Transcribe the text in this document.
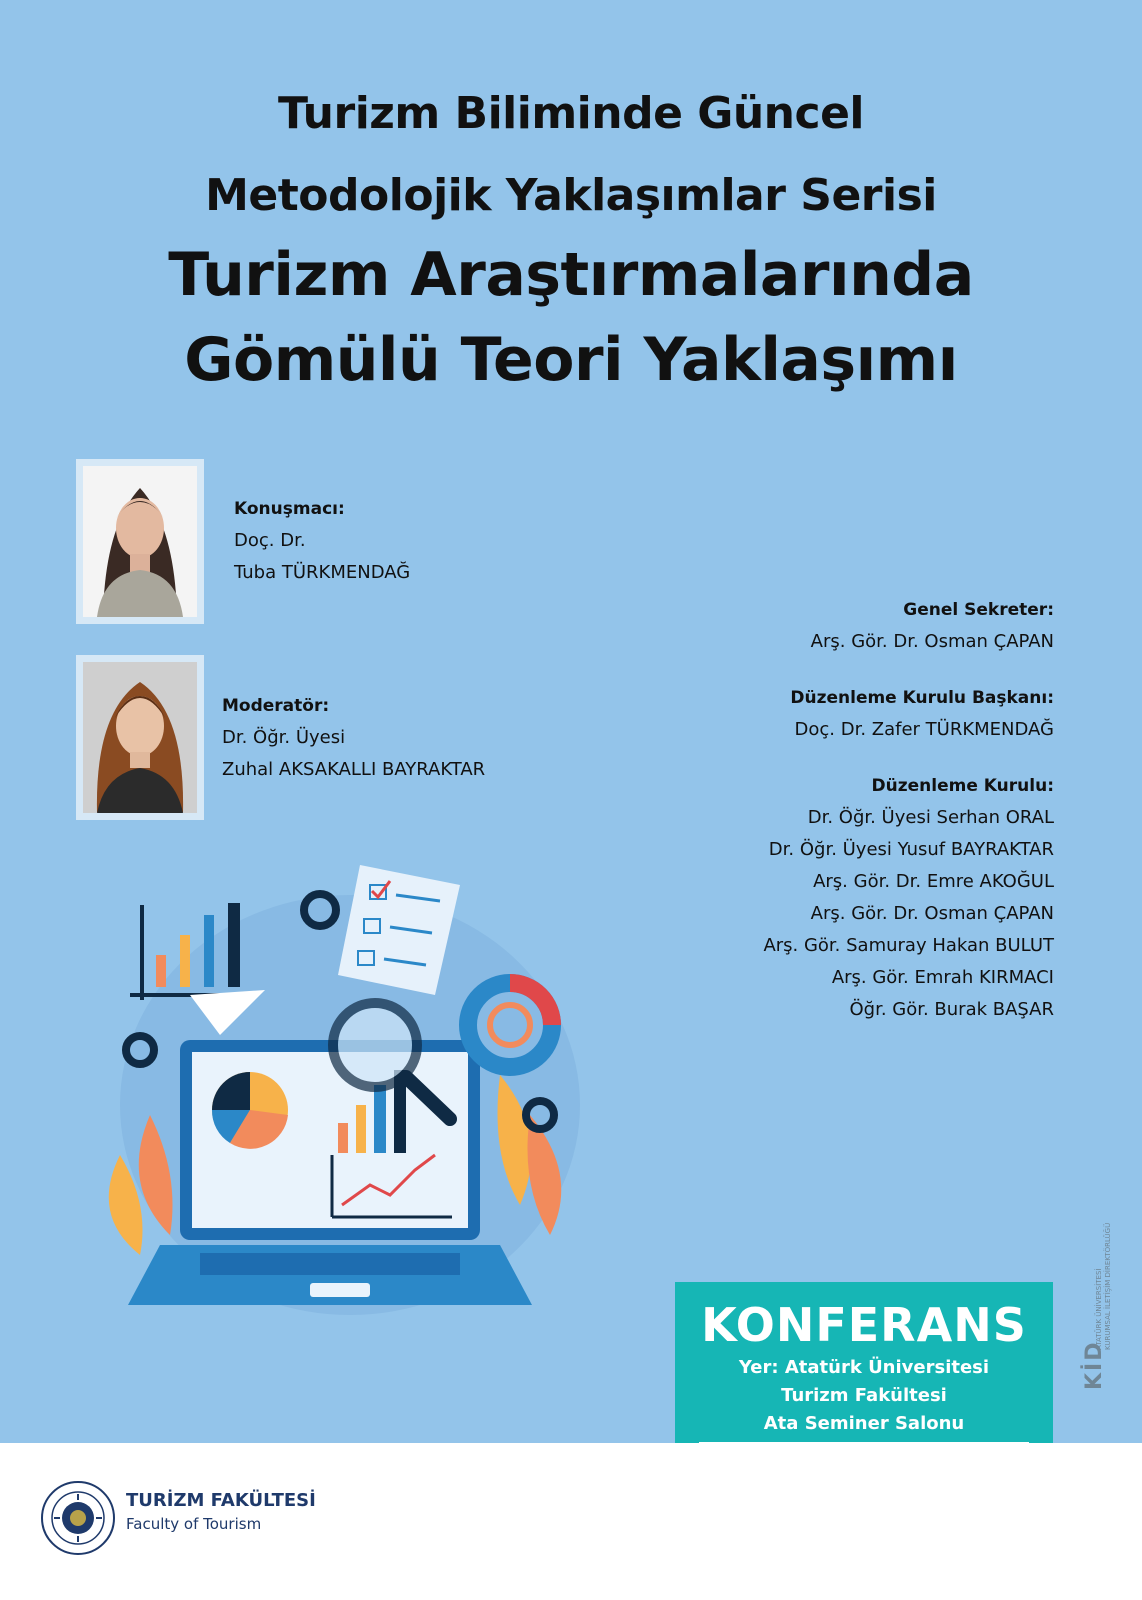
Turizm Biliminde Güncel
Metodolojik Yaklaşımlar Serisi
Turizm Araştırmalarında
Gömülü Teori Yaklaşımı
Konuşmacı:
Doç. Dr.
Tuba TÜRKMENDAĞ
Moderatör:
Dr. Öğr. Üyesi
Zuhal AKSAKALLI BAYRAKTAR
Genel Sekreter:
Arş. Gör. Dr. Osman ÇAPAN
Düzenleme Kurulu Başkanı:
Doç. Dr. Zafer TÜRKMENDAĞ
Düzenleme Kurulu:
Dr. Öğr. Üyesi Serhan ORAL
Dr. Öğr. Üyesi Yusuf BAYRAKTAR
Arş. Gör. Dr. Emre AKOĞUL
Arş. Gör. Dr. Osman ÇAPAN
Arş. Gör. Samuray Hakan BULUT
Arş. Gör. Emrah KIRMACI
Öğr. Gör. Burak BAŞAR
KONFERANS
Yer: Atatürk Üniversitesi
Turizm Fakültesi
Ata Seminer Salonu
KİD
ATATÜRK ÜNİVERSİTESİ KURUMSAL İLETİŞİM DİREKTÖRLÜĞÜ
TURİZM FAKÜLTESİ
Faculty of Tourism
